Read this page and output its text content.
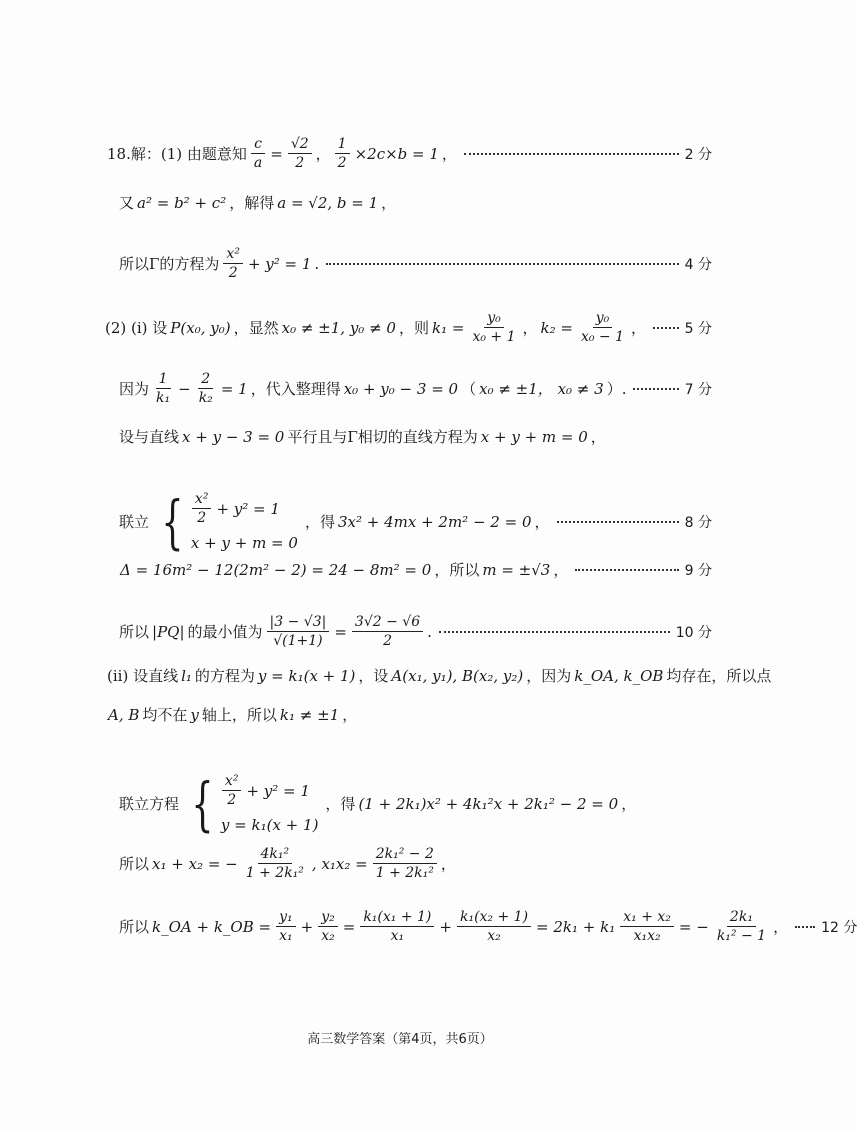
18.解：(1) 由题意知 $\frac{c}{a} = \frac{√2}{2}$ ， $\frac{1}{2} \times 2c\times b = 1$ ，	2 分
又 a² = b² + c² ，解得 a = √2, b = 1 ，
所以Γ的方程为 $\frac{\text{x²}}{2} + y^2 = 1$ .	4 分
(2) (i) 设 P(x₀, y₀) ，显然 x₀ ≠ ±1, y₀ ≠ 0 ，则 $k_1 = \frac{\text{y₀}}{\text{x₀ + 1}}$ ， $k_2 = \frac{\text{y₀}}{\text{x₀ − 1}}$ ，	5 分
因为 $\frac{1}{\text{k₁}} - \frac{2}{\text{k₂}} = 1$ ，代入整理得 x₀ + y₀ − 3 = 0 （ x₀ ≠ ±1， x₀ ≠ 3 ）.	7 分
设与直线 x + y − 3 = 0 平行且与Γ相切的直线方程为 x + y + m = 0 ，
联立 { $\frac{\text{x²}}{2} + y^2 = 1$
x + y + m = 0
，得 3x² + 4mx + 2m² − 2 = 0 ，	8 分
Δ = 16m² − 12(2m² − 2) = 24 − 8m² = 0 ，所以 m = ±√3 ，	9 分
所以 |PQ| 的最小值为 $\frac{|3 - √3|}{√(1+1)} = \frac{3√2 - √6}{2}$ .	10 分
(ii) 设直线 l₁ 的方程为 y = k₁(x + 1) ，设 A(x₁, y₁), B(x₂, y₂) ，因为 k_OA, k_OB 均存在，所以点
A, B 均不在 y 轴上，所以 k₁ ≠ ±1 ，
联立方程 { $\frac{\text{x²}}{2} + y^2 = 1$
y = k₁(x + 1)
，得 (1 + 2k₁)x² + 4k₁²x + 2k₁² − 2 = 0 ，
所以 x₁ + x₂ = − $\frac{\text{4k₁²}}{\text{1 + 2k₁²}}$ , $x_1x_2 = \frac{\text{2k₁² − 2}}{\text{1 + 2k₁²}}$ ，
所以 k_OA + k_OB = $\frac{\text{y₁}}{\text{x₁}} + \frac{\text{y₂}}{\text{x₂}} = \frac{\text{k₁(x₁ + 1)}}{\text{x₁}} + \frac{\text{k₁(x₂ + 1)}}{\text{x₂}} = 2k_1 + k_1 \frac{\text{x₁ + x₂}}{\text{x₁x₂}}$ = − $\frac{\text{2k₁}}{\text{k₁² − 1}}$ ， 12 分
高三数学答案（第4页，共6页）
